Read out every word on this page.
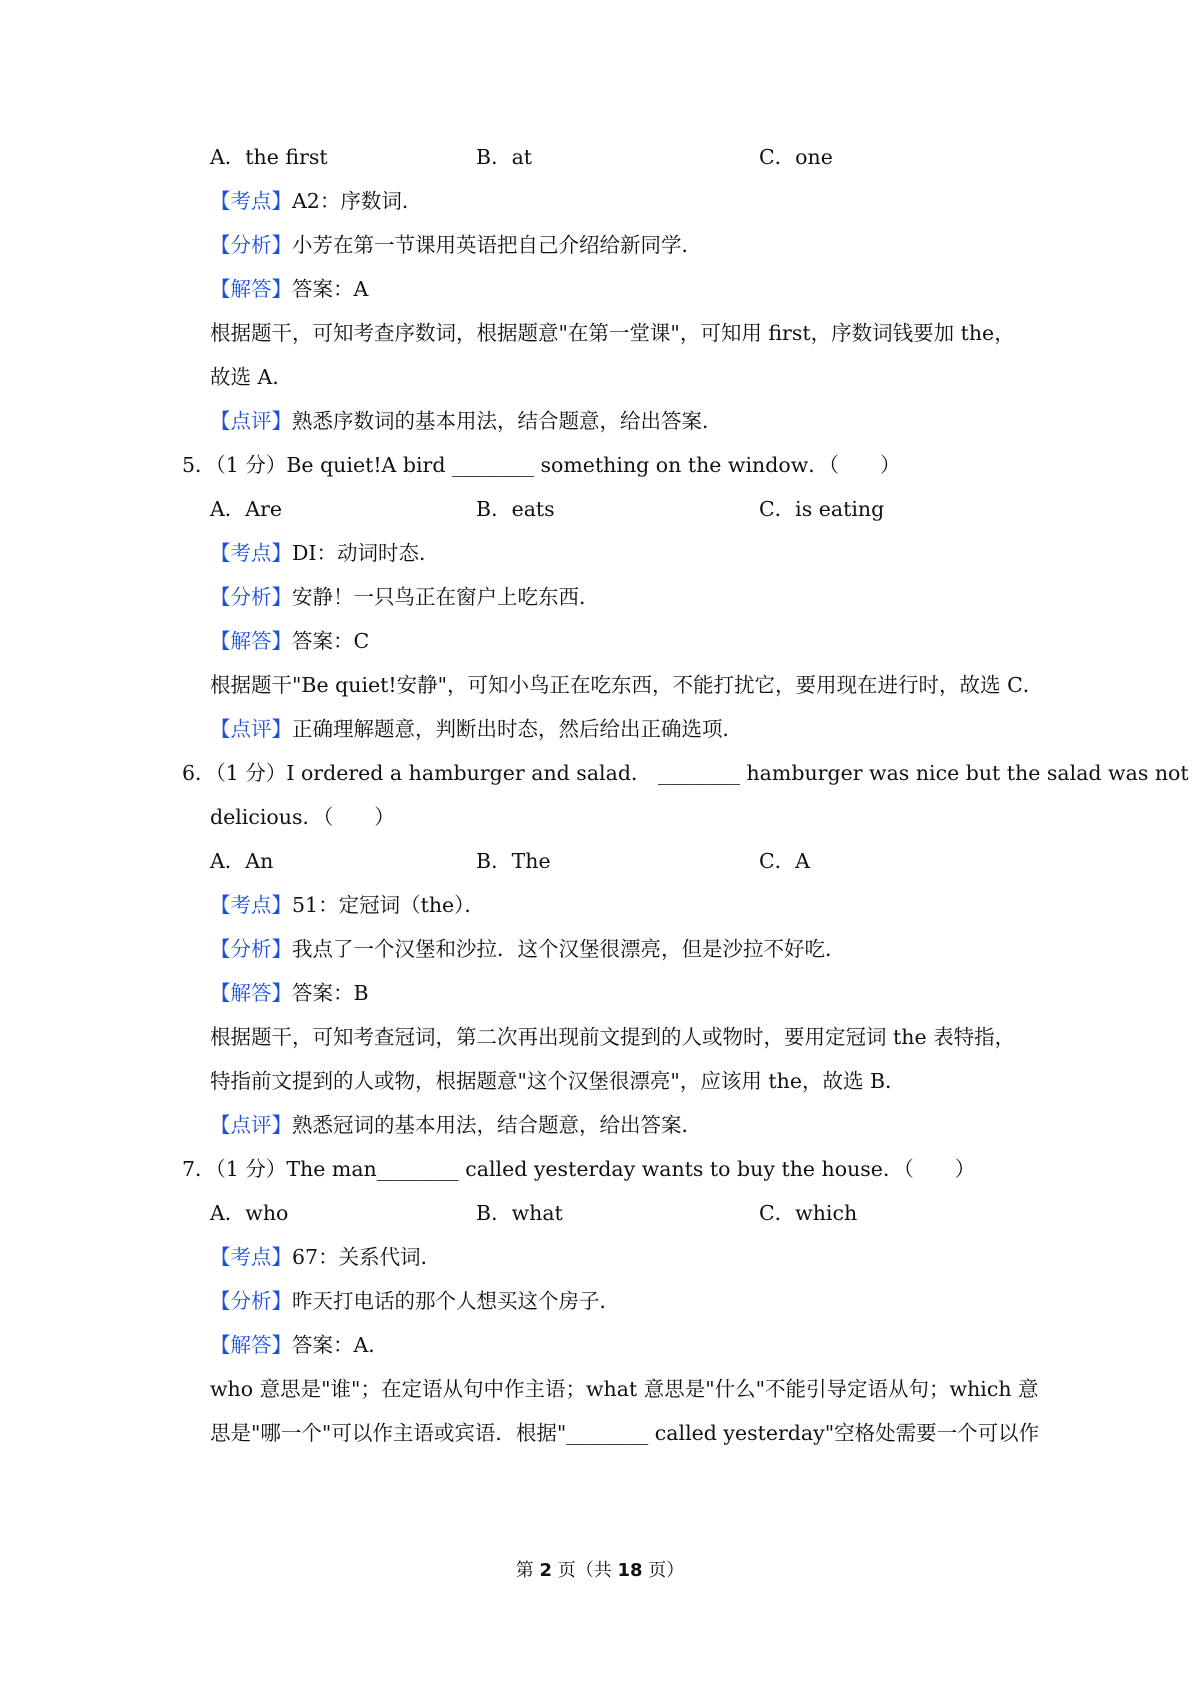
A．the first	B．at	C．one
【考点】A2：序数词．
【分析】小芳在第一节课用英语把自己介绍给新同学．
【解答】答案：A
根据题干，可知考查序数词，根据题意"在第一堂课"，可知用 first，序数词钱要加 the，
故选 A．
【点评】熟悉序数词的基本用法，结合题意，给出答案．
5．（1 分）Be quiet!A bird ________ something on the window．（　　）
A．Are	B．eats	C．is eating
【考点】DI：动词时态．
【分析】安静！一只鸟正在窗户上吃东西．
【解答】答案：C
根据题干"Be quiet!安静"，可知小鸟正在吃东西，不能打扰它，要用现在进行时，故选 C．
【点评】正确理解题意，判断出时态，然后给出正确选项．
6．（1 分）I ordered a hamburger and salad． ________ hamburger was nice but the salad was not
delicious．（　　）
A．An	B．The	C．A
【考点】51：定冠词（the）．
【分析】我点了一个汉堡和沙拉．这个汉堡很漂亮，但是沙拉不好吃．
【解答】答案：B
根据题干，可知考查冠词，第二次再出现前文提到的人或物时，要用定冠词 the 表特指，
特指前文提到的人或物，根据题意"这个汉堡很漂亮"，应该用 the，故选 B．
【点评】熟悉冠词的基本用法，结合题意，给出答案．
7．（1 分）The man________ called yesterday wants to buy the house．（　　）
A．who	B．what	C．which
【考点】67：关系代词．
【分析】昨天打电话的那个人想买这个房子．
【解答】答案：A．
who 意思是"谁"；在定语从句中作主语；what 意思是"什么"不能引导定语从句；which 意
思是"哪一个"可以作主语或宾语．根据"________ called yesterday"空格处需要一个可以作
第 2 页（共 18 页）
